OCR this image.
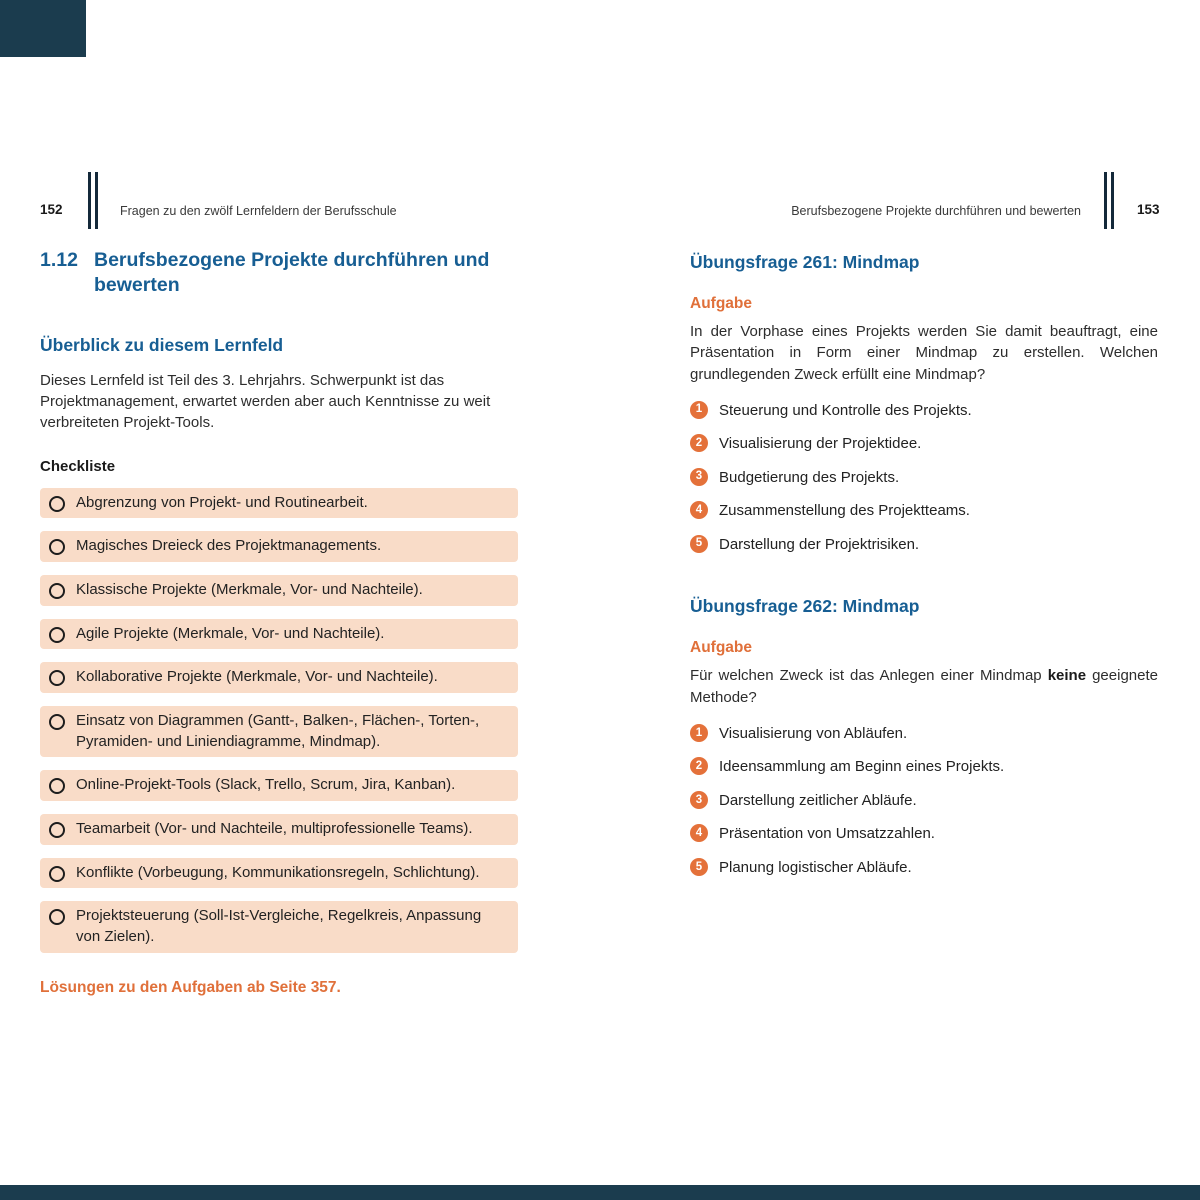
152	Fragen zu den zwölf Lernfeldern der Berufsschule	Berufsbezogene Projekte durchführen und bewerten	153
1.12 Berufsbezogene Projekte durchführen und bewerten
Überblick zu diesem Lernfeld
Dieses Lernfeld ist Teil des 3. Lehrjahrs. Schwerpunkt ist das Projektmanagement, erwartet werden aber auch Kenntnisse zu weit verbreiteten Projekt-Tools.
Checkliste
Abgrenzung von Projekt- und Routinearbeit.
Magisches Dreieck des Projektmanagements.
Klassische Projekte (Merkmale, Vor- und Nachteile).
Agile Projekte (Merkmale, Vor- und Nachteile).
Kollaborative Projekte (Merkmale, Vor- und Nachteile).
Einsatz von Diagrammen (Gantt-, Balken-, Flächen-, Torten-, Pyramiden- und Liniendiagramme, Mindmap).
Online-Projekt-Tools (Slack, Trello, Scrum, Jira, Kanban).
Teamarbeit (Vor- und Nachteile, multiprofessionelle Teams).
Konflikte (Vorbeugung, Kommunikationsregeln, Schlichtung).
Projektsteuerung (Soll-Ist-Vergleiche, Regelkreis, Anpassung von Zielen).
Lösungen zu den Aufgaben ab Seite 357.
Übungsfrage 261: Mindmap
Aufgabe
In der Vorphase eines Projekts werden Sie damit beauftragt, eine Präsentation in Form einer Mindmap zu erstellen. Welchen grundlegenden Zweck erfüllt eine Mindmap?
1	Steuerung und Kontrolle des Projekts.
2	Visualisierung der Projektidee.
3	Budgetierung des Projekts.
4	Zusammenstellung des Projektteams.
5	Darstellung der Projektrisiken.
Übungsfrage 262: Mindmap
Aufgabe
Für welchen Zweck ist das Anlegen einer Mindmap keine geeignete Methode?
1	Visualisierung von Abläufen.
2	Ideensammlung am Beginn eines Projekts.
3	Darstellung zeitlicher Abläufe.
4	Präsentation von Umsatzzahlen.
5	Planung logistischer Abläufe.
